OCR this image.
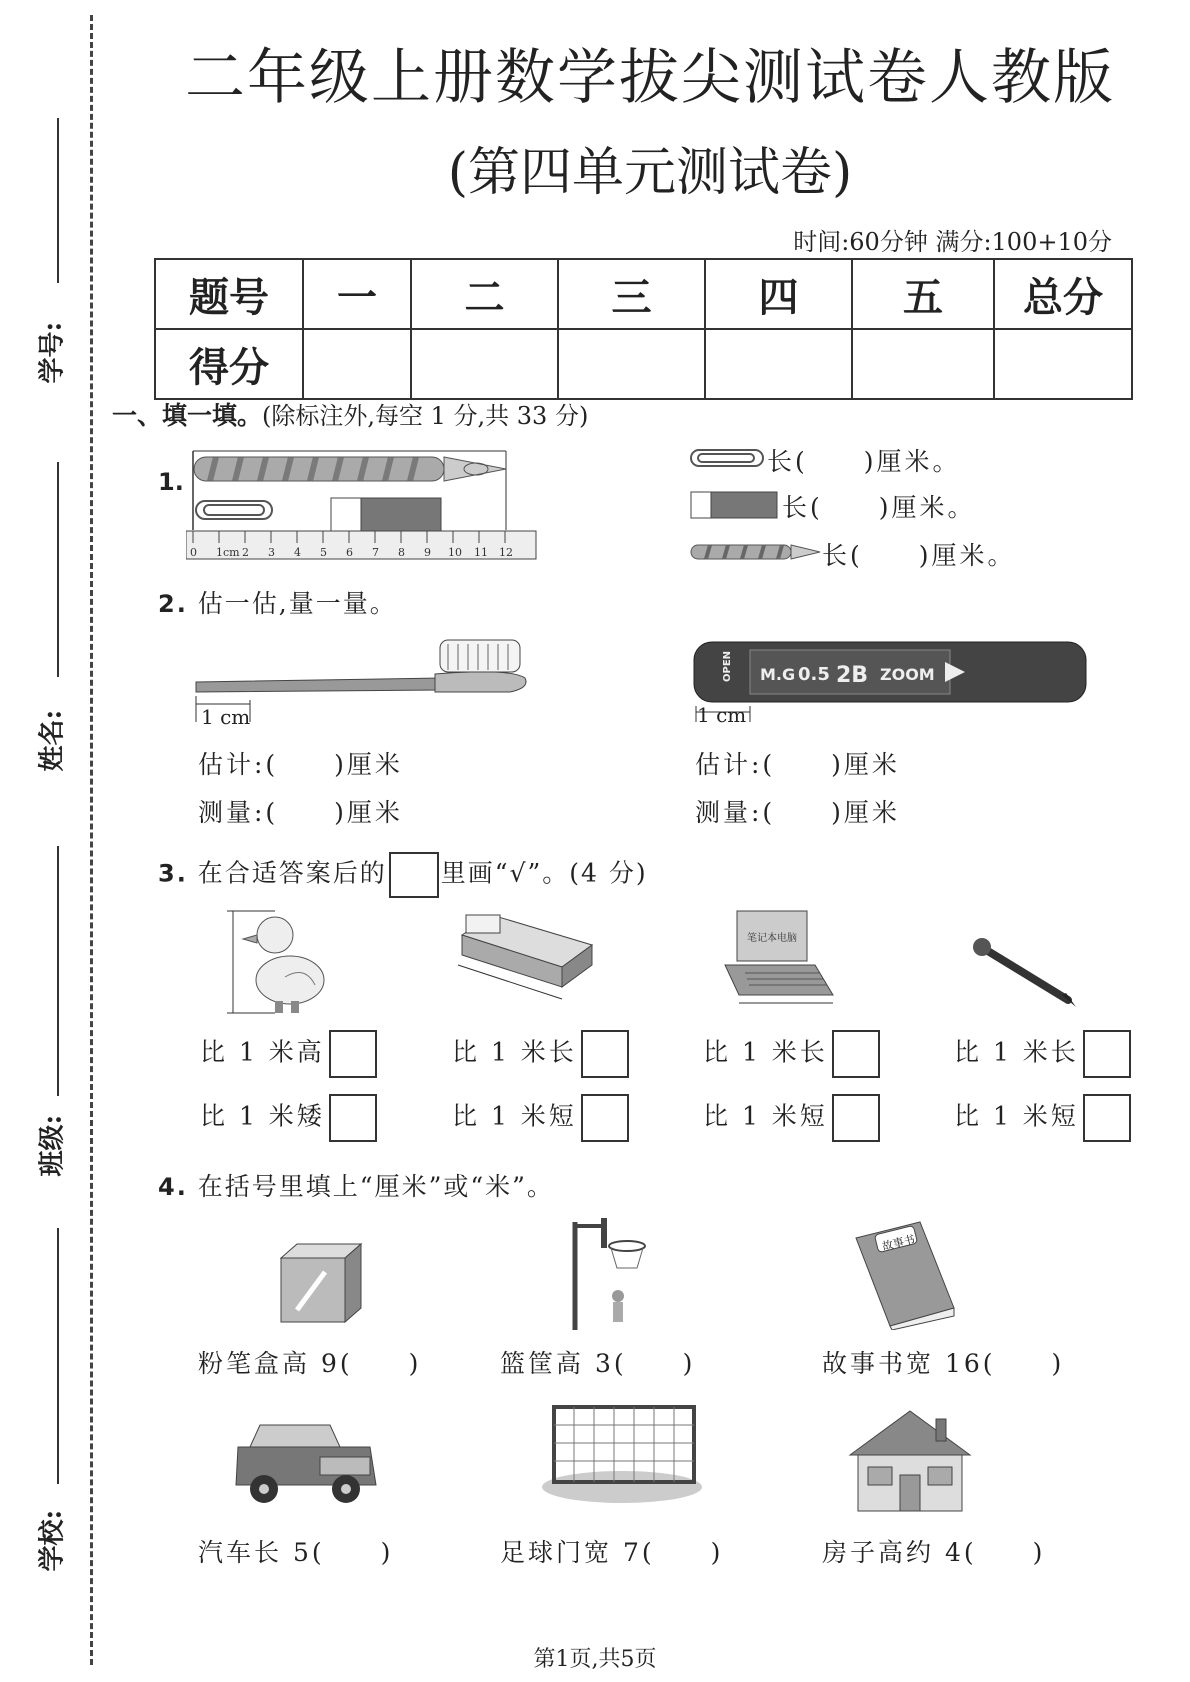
学号:
姓名:
班级:
学校:
二年级上册数学拔尖测试卷人教版
(第四单元测试卷)
时间:60分钟 满分:100+10分
题号	一	二	三	四	五	总分
得分						
一、填一填。(除标注外,每空 1 分,共 33 分)
1.
0 1cm 2 3 4 5 6 7 8 9 10 11 12
长(　　)厘米。
长(　　)厘米。
长(　　)厘米。
2. 估一估,量一量。
1 cm
OPEN M.G 0.5 2B ZOOM
1 cm
估计:(　　)厘米
测量:(　　)厘米
估计:(　　)厘米
测量:(　　)厘米
3. 在合适答案后的 里画“√”。(4 分)
笔记本电脑
比 1 米高
比 1 米矮
比 1 米长
比 1 米短
比 1 米长
比 1 米短
比 1 米长
比 1 米短
4. 在括号里填上“厘米”或“米”。
故事书
粉笔盒高 9(　　)	篮筐高 3(　　)	故事书宽 16(　　)
汽车长 5(　　)	足球门宽 7(　　)	房子高约 4(　　)
第1页,共5页
